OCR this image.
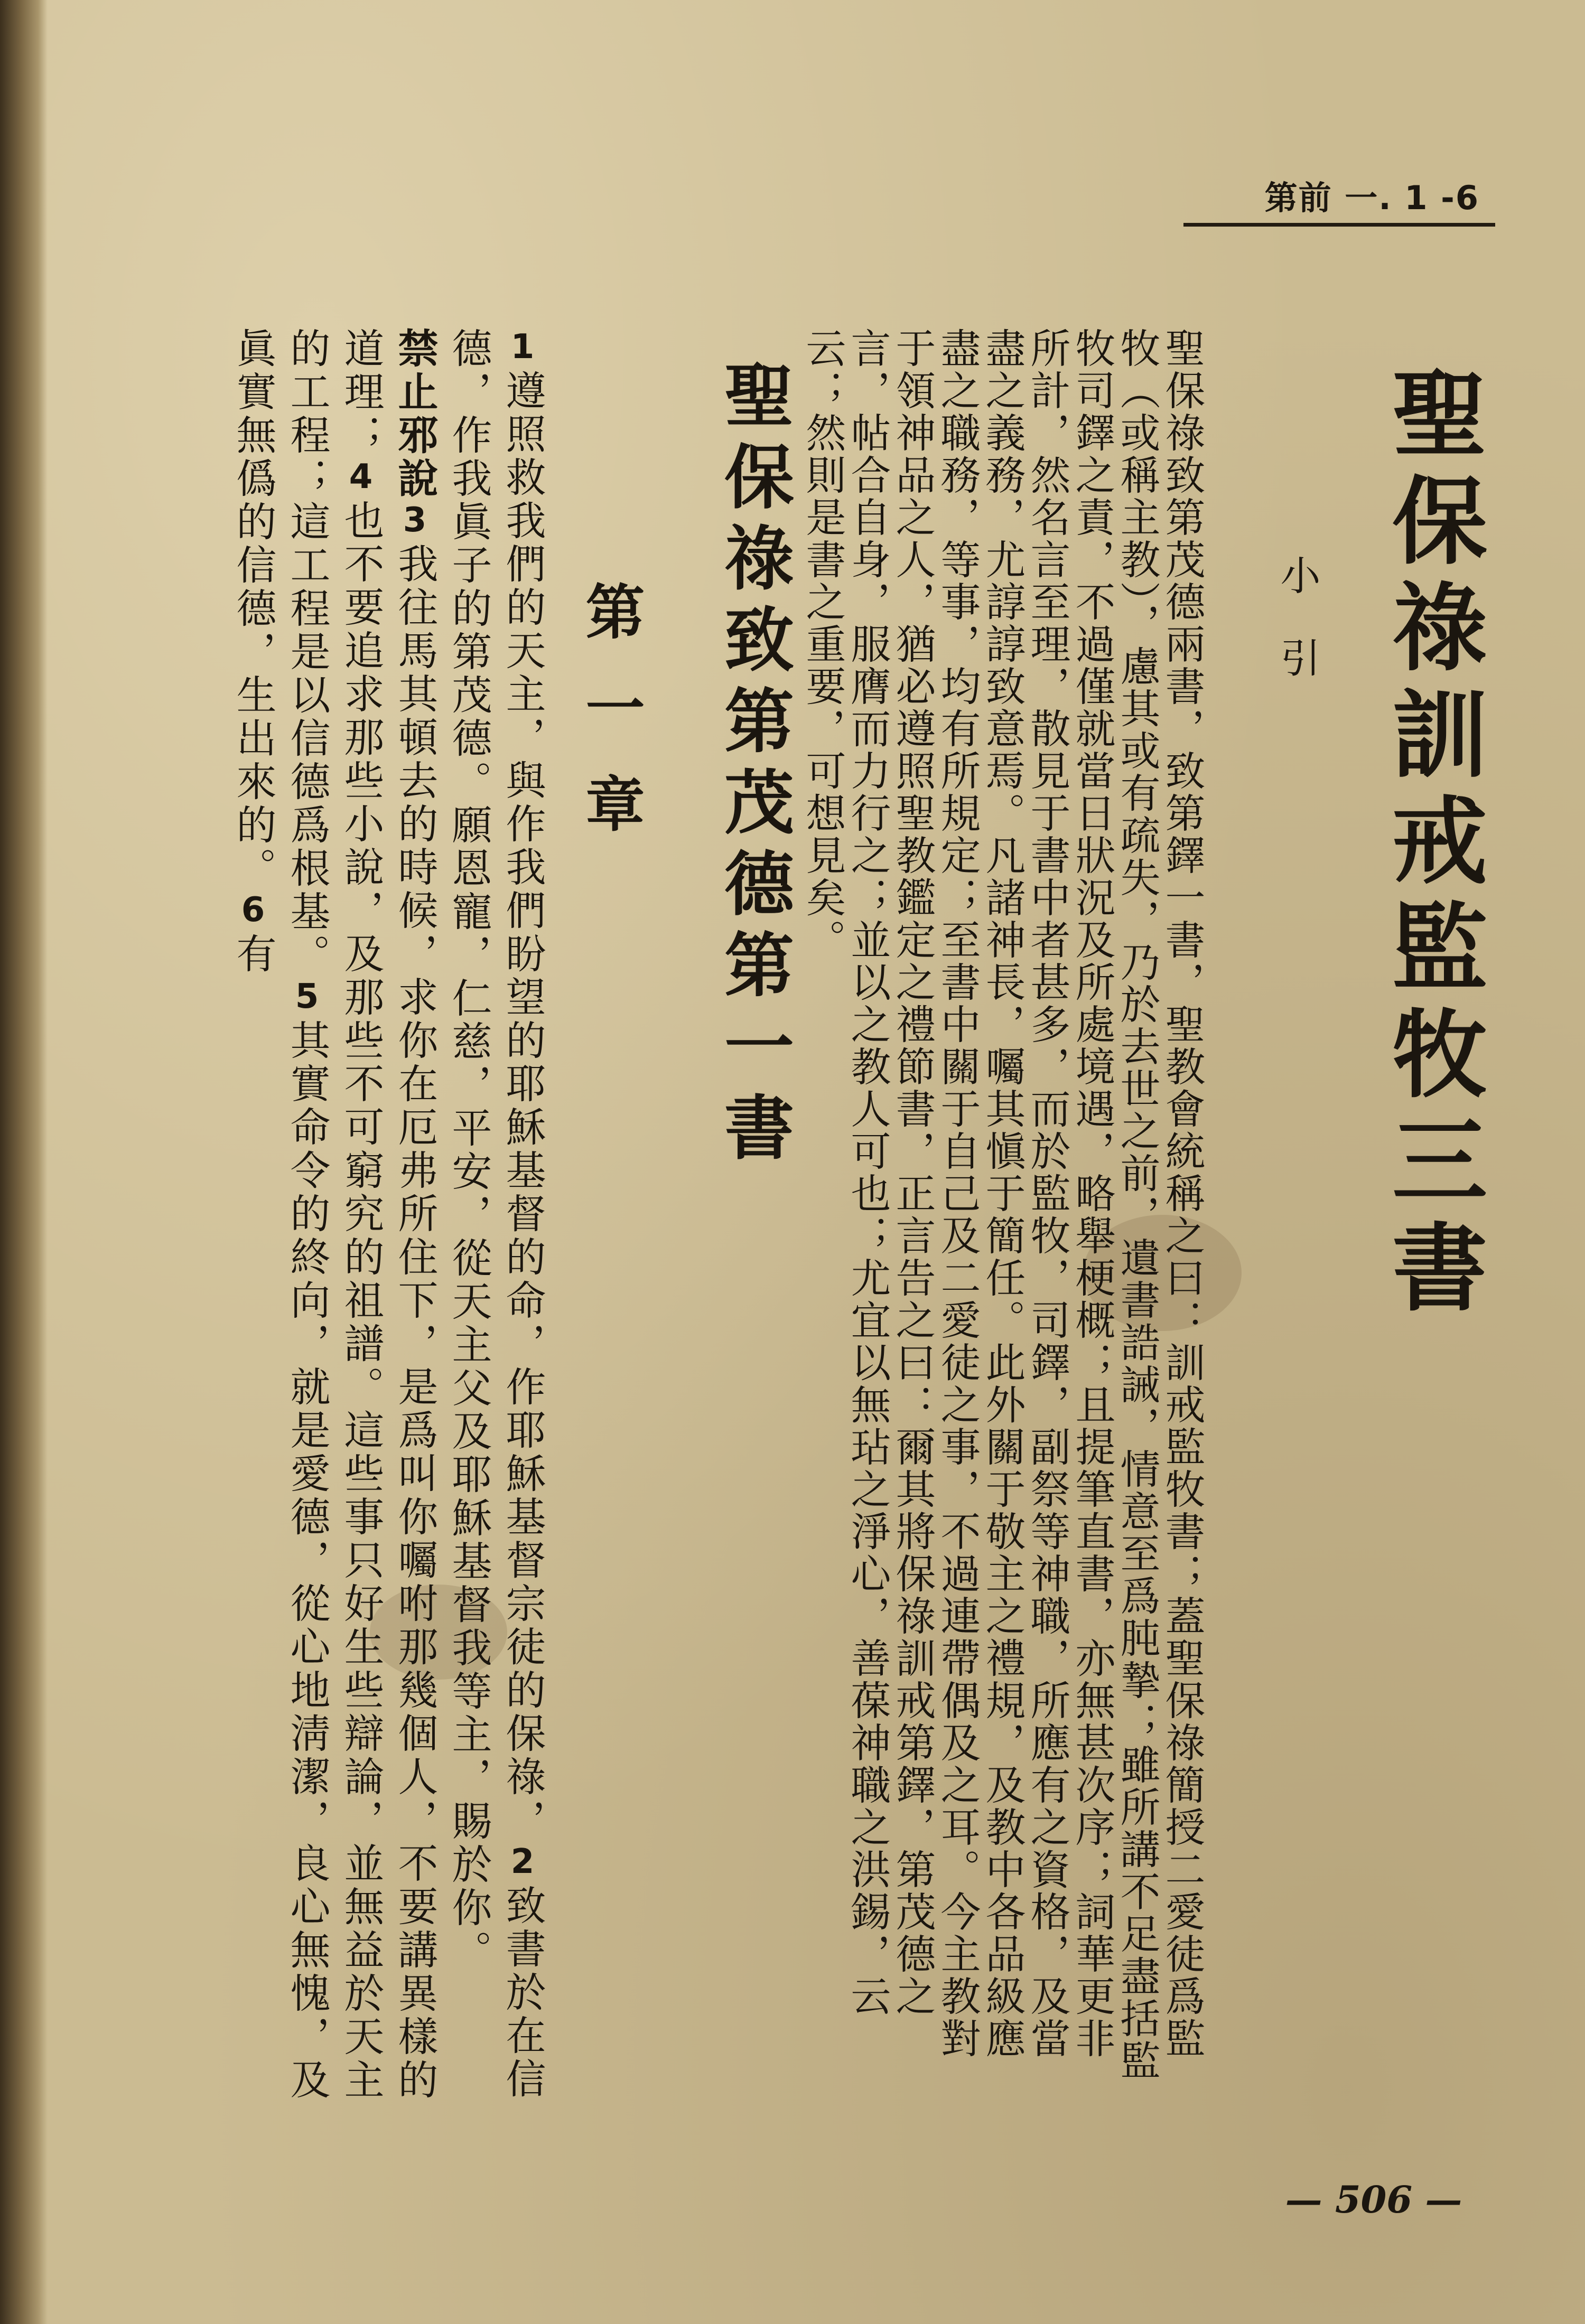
第前 一. 1 -6
聖保祿訓戒監牧三書
小引
聖保祿致第茂德兩書，致第鐸一書，聖教會統稱之曰：訓戒監牧書；蓋聖保祿簡授二愛徒爲監牧（或稱主教），慮其或有疏失，乃於去世之前，遺書誥誡，情意至爲肫摯；雖所講不足盡括監牧司鐸之責，不過僅就當日狀況及所處境遇，略舉梗概；且提筆直書，亦無甚次序；詞華更非所計，然名言至理，散見于書中者甚多，而於監牧，司鐸，副祭等神職，所應有之資格，及當盡之義務，尤諄諄致意焉。凡諸神長，囑其愼于簡任。此外關于敬主之禮規，及教中各品級應盡之職務，等事，均有所規定；至書中關于自己及二愛徒之事，不過連帶偶及之耳。今主教對于領神品之人，猶必遵照聖教鑑定之禮節書，正言告之曰：爾其將保祿訓戒第鐸，第茂德之言，帖合自身，服膺而力行之；並以之教人可也；尤宜以無玷之淨心，善葆神職之洪錫，云云；然則是書之重要，可想見矣。
聖保祿致第茂德第一書
第一章
1遵照救我們的天主，與作我們盼望的耶穌基督的命，作耶穌基督宗徒的保祿，2致書於在信德，作我眞子的第茂德。願恩寵，仁慈，平安，從天主父及耶穌基督我等主，賜於你。
禁止邪說3我往馬其頓去的時候，求你在厄弗所住下，是爲叫你囑咐那幾個人，不要講異樣的道理；4也不要追求那些小說，及那些不可窮究的祖譜。這些事只好生些辯論，並無益於天主的工程；這工程是以信德爲根基。5其實命令的終向，就是愛德，從心地淸潔，良心無愧，及眞實無僞的信德，生出來的。6有
— 506 —
